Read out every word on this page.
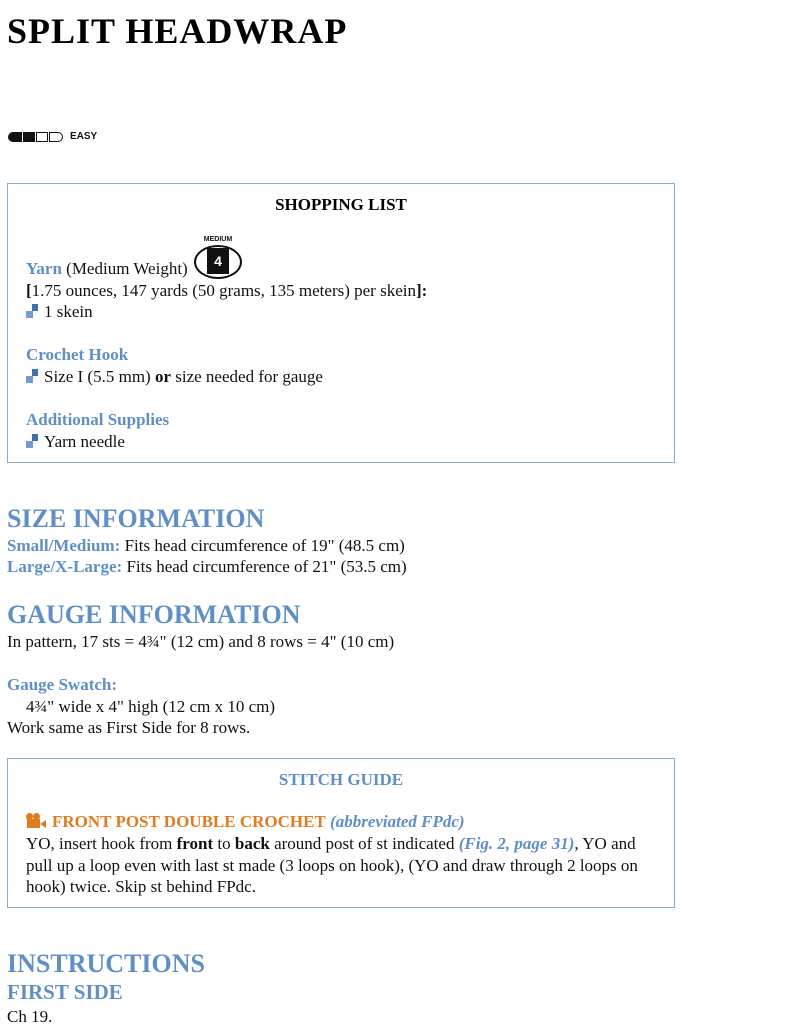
SPLIT HEADWRAP
EASY
SHOPPING LIST
Yarn (Medium Weight)
MEDIUM
4
[1.75 ounces, 147 yards (50 grams, 135 meters) per skein]:
1 skein
Crochet Hook
Size I (5.5 mm) or size needed for gauge
Additional Supplies
Yarn needle
SIZE INFORMATION
Small/Medium: Fits head circumference of 19" (48.5 cm)
Large/X-Large: Fits head circumference of 21" (53.5 cm)
GAUGE INFORMATION
In pattern, 17 sts = 4¾" (12 cm) and 8 rows = 4" (10 cm)
Gauge Swatch:
4¾" wide x 4" high (12 cm x 10 cm)
Work same as First Side for 8 rows.
STITCH GUIDE
FRONT POST DOUBLE CROCHET (abbreviated FPdc)
YO, insert hook from front to back around post of st indicated (Fig. 2, page 31), YO and pull up a loop even with last st made (3 loops on hook), (YO and draw through 2 loops on hook) twice. Skip st behind FPdc.
INSTRUCTIONS
FIRST SIDE
Ch 19.
